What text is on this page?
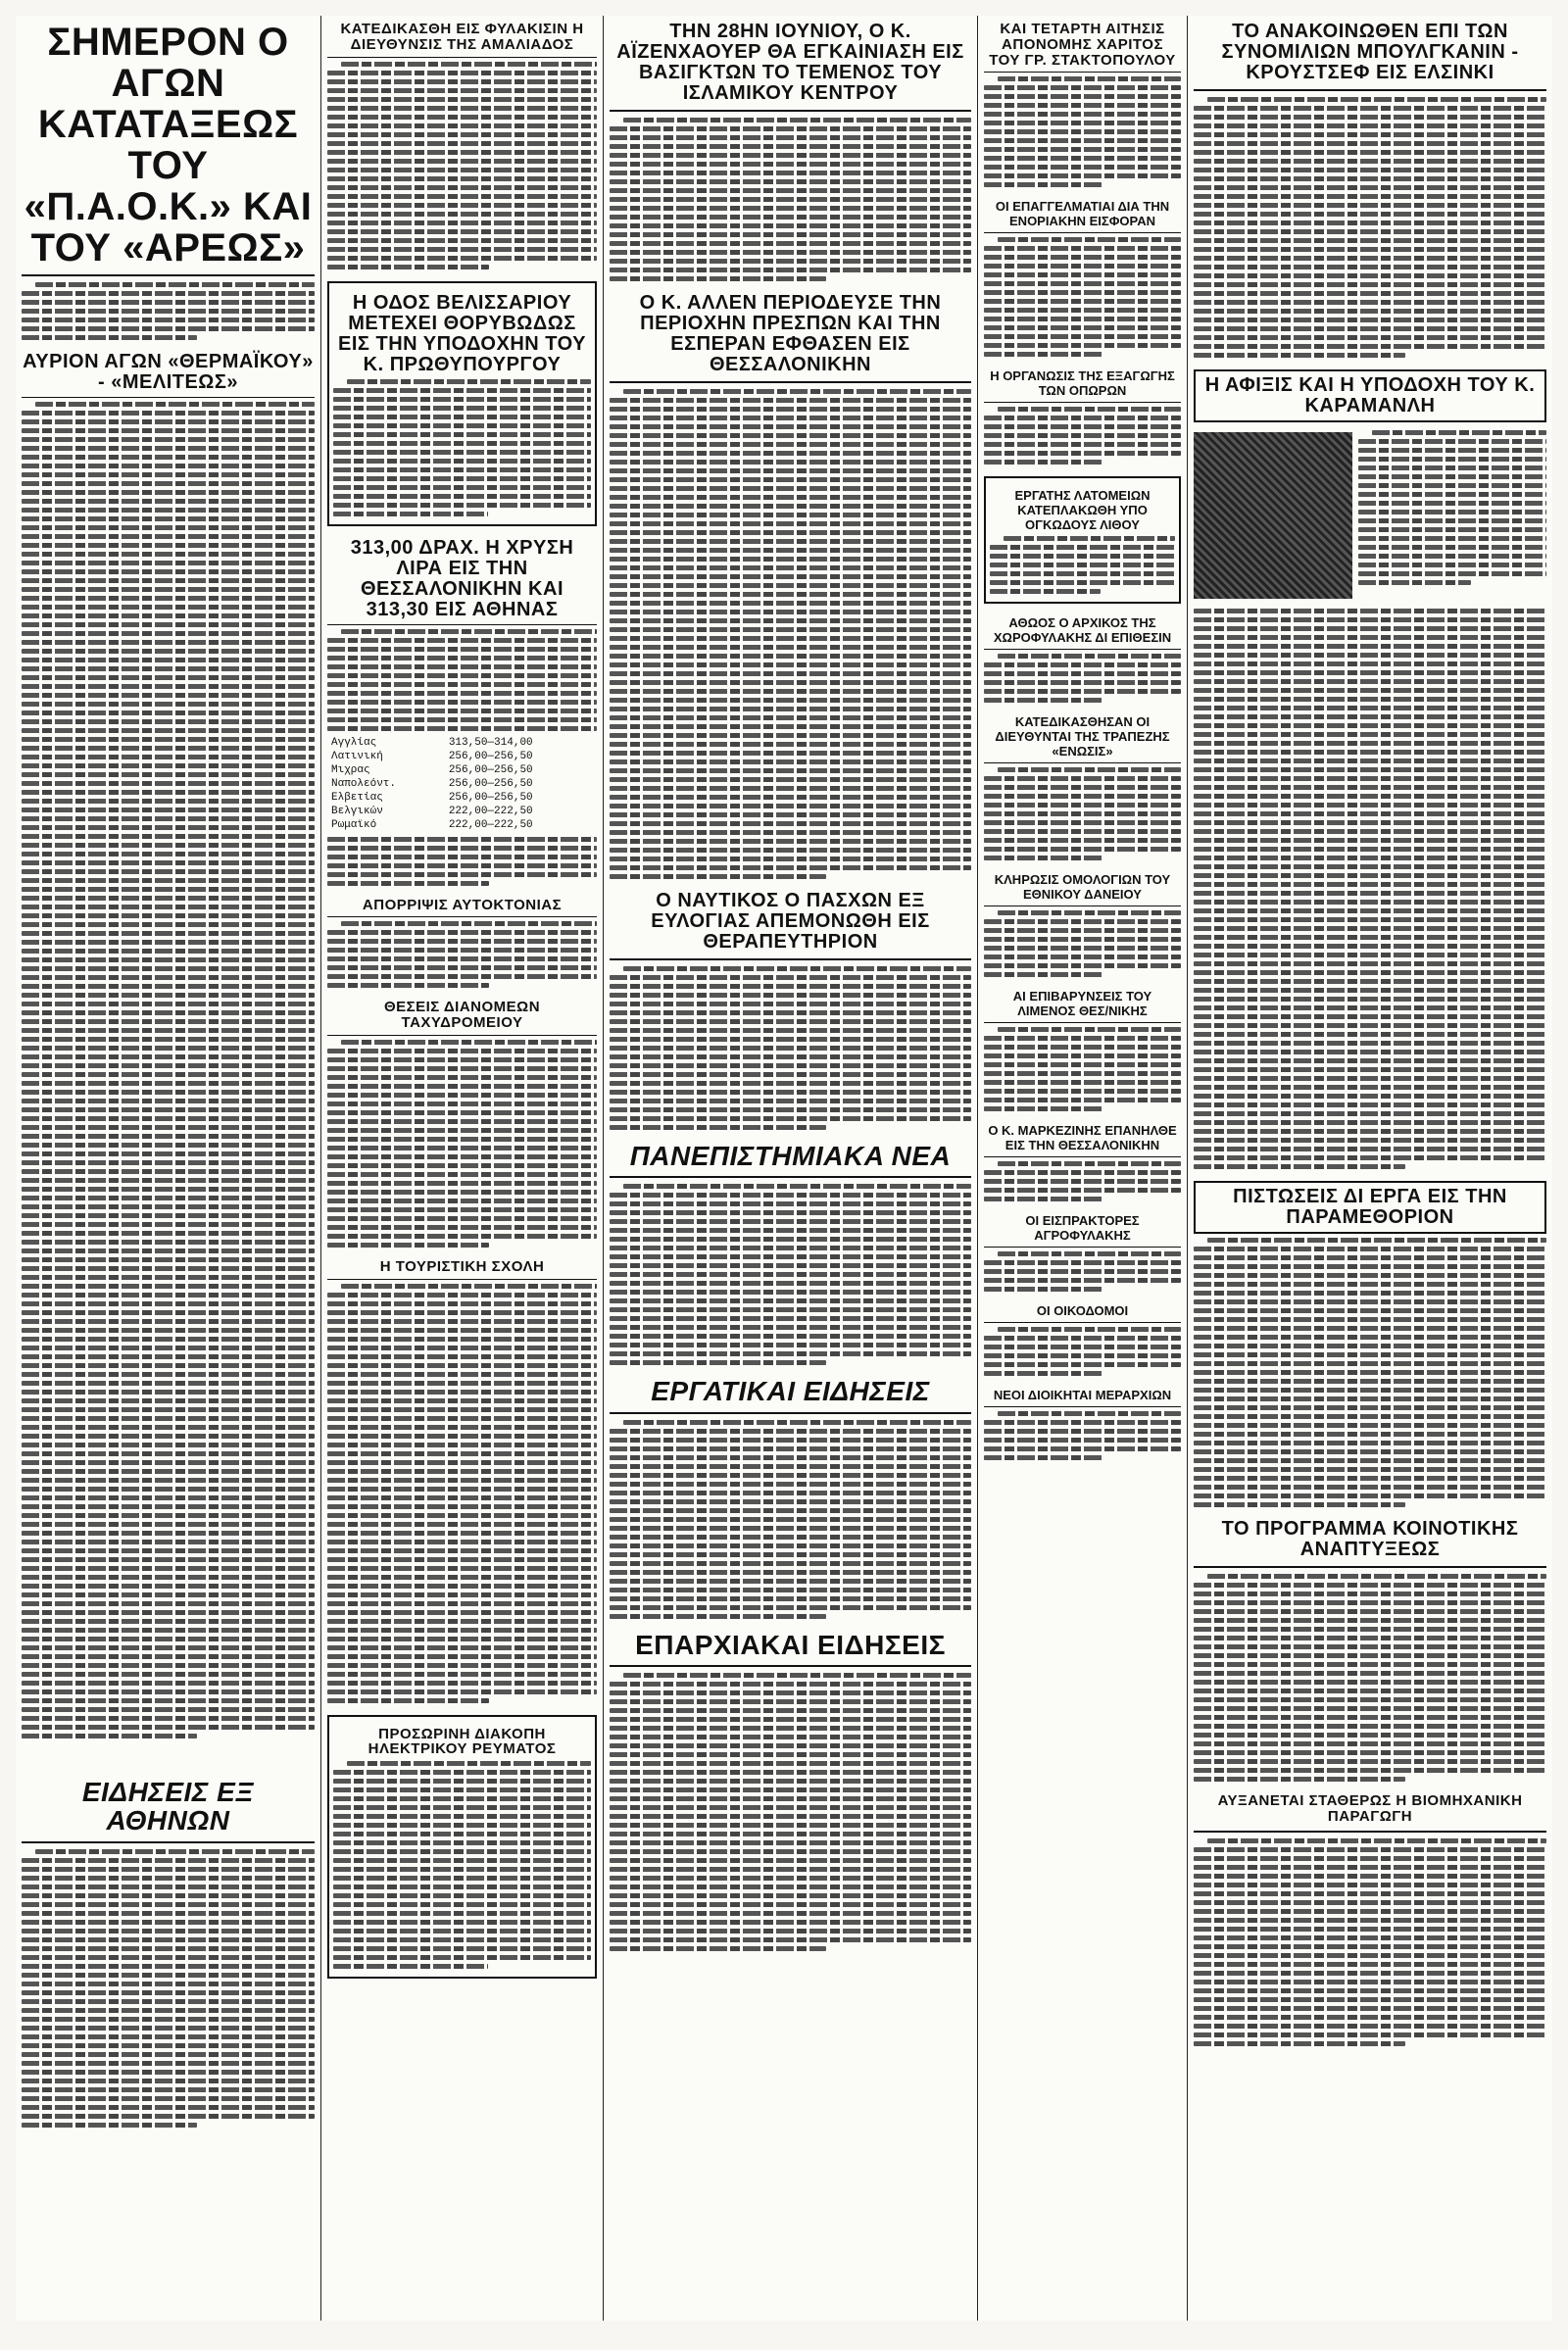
ΣΗΜΕΡΟΝ Ο ΑΓΩΝ ΚΑΤΑΤΑΞΕΩΣ ΤΟΥ «Π.Α.Ο.Κ.» ΚΑΙ ΤΟΥ «ΑΡΕΩΣ»
ΑΥΡΙΟΝ ΑΓΩΝ «ΘΕΡΜΑΪΚΟΥ» - «ΜΕΛΙΤΕΩΣ»
ΕΙΔΗΣΕΙΣ ΕΞ ΑΘΗΝΩΝ
ΚΑΤΕΔΙΚΑΣΘΗ ΕΙΣ ΦΥΛΑΚΙΣΙΝ Η ΔΙΕΥΘΥΝΣΙΣ ΤΗΣ ΑΜΑΛΙΑΔΟΣ
Η ΟΔΟΣ ΒΕΛΙΣΣΑΡΙΟΥ ΜΕΤΕΧΕΙ ΘΟΡΥΒΩΔΩΣ ΕΙΣ ΤΗΝ ΥΠΟΔΟΧΗΝ ΤΟΥ Κ. ΠΡΩΘΥΠΟΥΡΓΟΥ
313,00 ΔΡΑΧ. Η ΧΡΥΣΗ ΛΙΡΑ ΕΙΣ ΤΗΝ ΘΕΣΣΑΛΟΝΙΚΗΝ ΚΑΙ 313,30 ΕΙΣ ΑΘΗΝΑΣ
Αγγλίας	313,50—314,00
Λατινική	256,00—256,50
Μιχρας	256,00—256,50
Ναπολεόντ.	256,00—256,50
Ελβετίας	256,00—256,50
Βελγικών	222,00—222,50
Ρωμαϊκό	222,00—222,50
ΑΠΟΡΡΙΨΙΣ ΑΥΤΟΚΤΟΝΙΑΣ
ΘΕΣΕΙΣ ΔΙΑΝΟΜΕΩΝ ΤΑΧΥΔΡΟΜΕΙΟΥ
Η ΤΟΥΡΙΣΤΙΚΗ ΣΧΟΛΗ
ΠΡΟΣΩΡΙΝΗ ΔΙΑΚΟΠΗ ΗΛΕΚΤΡΙΚΟΥ ΡΕΥΜΑΤΟΣ
ΤΗΝ 28ΗΝ ΙΟΥΝΙΟΥ, Ο Κ. ΑΪΖΕΝΧΑΟΥΕΡ ΘΑ ΕΓΚΑΙΝΙΑΣΗ ΕΙΣ ΒΑΣΙΓΚΤΩΝ ΤΟ ΤΕΜΕΝΟΣ ΤΟΥ ΙΣΛΑΜΙΚΟΥ ΚΕΝΤΡΟΥ
Ο Κ. ΑΛΛΕΝ ΠΕΡΙΟΔΕΥΣΕ ΤΗΝ ΠΕΡΙΟΧΗΝ ΠΡΕΣΠΩΝ ΚΑΙ ΤΗΝ ΕΣΠΕΡΑΝ ΕΦΘΑΣΕΝ ΕΙΣ ΘΕΣΣΑΛΟΝΙΚΗΝ
Ο ΝΑΥΤΙΚΟΣ Ο ΠΑΣΧΩΝ ΕΞ ΕΥΛΟΓΙΑΣ ΑΠΕΜΟΝΩΘΗ ΕΙΣ ΘΕΡΑΠΕΥΤΗΡΙΟΝ
ΠΑΝΕΠΙΣΤΗΜΙΑΚΑ ΝΕΑ
ΕΡΓΑΤΙΚΑΙ ΕΙΔΗΣΕΙΣ
ΕΠΑΡΧΙΑΚΑΙ ΕΙΔΗΣΕΙΣ
ΚΑΙ ΤΕΤΑΡΤΗ ΑΙΤΗΣΙΣ ΑΠΟΝΟΜΗΣ ΧΑΡΙΤΟΣ ΤΟΥ ΓΡ. ΣΤΑΚΤΟΠΟΥΛΟΥ
ΟΙ ΕΠΑΓΓΕΛΜΑΤΙΑΙ ΔΙΑ ΤΗΝ ΕΝΟΡΙΑΚΗΝ ΕΙΣΦΟΡΑΝ
Η ΟΡΓΑΝΩΣΙΣ ΤΗΣ ΕΞΑΓΩΓΗΣ ΤΩΝ ΟΠΩΡΩΝ
ΕΡΓΑΤΗΣ ΛΑΤΟΜΕΙΩΝ ΚΑΤΕΠΛΑΚΩΘΗ ΥΠΟ ΟΓΚΩΔΟΥΣ ΛΙΘΟΥ
ΑΘΩΟΣ Ο ΑΡΧΙΚΟΣ ΤΗΣ ΧΩΡΟΦΥΛΑΚΗΣ ΔΙ ΕΠΙΘΕΣΙΝ
ΚΑΤΕΔΙΚΑΣΘΗΣΑΝ ΟΙ ΔΙΕΥΘΥΝΤΑΙ ΤΗΣ ΤΡΑΠΕΖΗΣ «ΕΝΩΣΙΣ»
ΚΛΗΡΩΣΙΣ ΟΜΟΛΟΓΙΩΝ ΤΟΥ ΕΘΝΙΚΟΥ ΔΑΝΕΙΟΥ
ΑΙ ΕΠΙΒΑΡΥΝΣΕΙΣ ΤΟΥ ΛΙΜΕΝΟΣ ΘΕΣ/ΝΙΚΗΣ
Ο Κ. ΜΑΡΚΕΖΙΝΗΣ ΕΠΑΝΗΛΘΕ ΕΙΣ ΤΗΝ ΘΕΣΣΑΛΟΝΙΚΗΝ
ΟΙ ΕΙΣΠΡΑΚΤΟΡΕΣ ΑΓΡΟΦΥΛΑΚΗΣ
ΟΙ ΟΙΚΟΔΟΜΟΙ
ΝΕΟΙ ΔΙΟΙΚΗΤΑΙ ΜΕΡΑΡΧΙΩΝ
ΤΟ ΑΝΑΚΟΙΝΩΘΕΝ ΕΠΙ ΤΩΝ ΣΥΝΟΜΙΛΙΩΝ ΜΠΟΥΛΓΚΑΝΙΝ - ΚΡΟΥΣΤΣΕΦ ΕΙΣ ΕΛΣΙΝΚΙ
Η ΑΦΙΞΙΣ ΚΑΙ Η ΥΠΟΔΟΧΗ ΤΟΥ Κ. ΚΑΡΑΜΑΝΛΗ
ΠΙΣΤΩΣΕΙΣ ΔΙ ΕΡΓΑ ΕΙΣ ΤΗΝ ΠΑΡΑΜΕΘΟΡΙΟΝ
ΤΟ ΠΡΟΓΡΑΜΜΑ ΚΟΙΝΟΤΙΚΗΣ ΑΝΑΠΤΥΞΕΩΣ
ΑΥΞΑΝΕΤΑΙ ΣΤΑΘΕΡΩΣ Η ΒΙΟΜΗΧΑΝΙΚΗ ΠΑΡΑΓΩΓΗ
